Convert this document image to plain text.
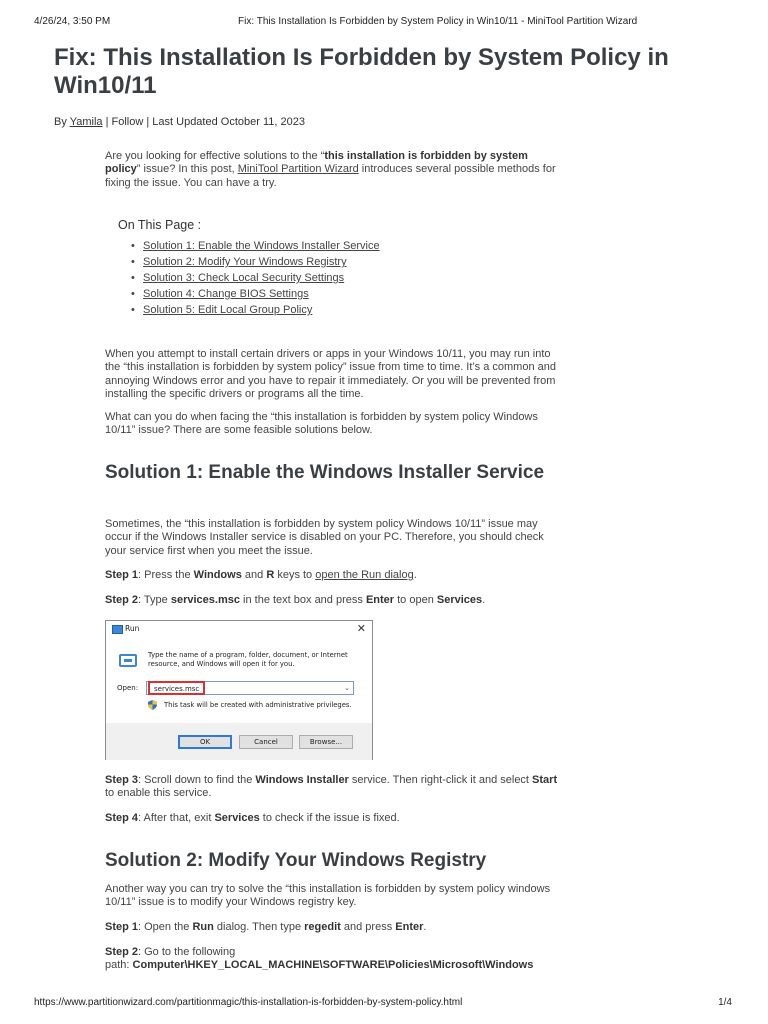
4/26/24, 3:50 PM	Fix: This Installation Is Forbidden by System Policy in Win10/11 - MiniTool Partition Wizard
Fix: This Installation Is Forbidden by System Policy in Win10/11
By Yamila | Follow | Last Updated October 11, 2023

Are you looking for effective solutions to the “this installation is forbidden by system policy” issue? In this post, MiniTool Partition Wizard introduces several possible methods for fixing the issue. You can have a try.

On This Page :
• Solution 1: Enable the Windows Installer Service
• Solution 2: Modify Your Windows Registry
• Solution 3: Check Local Security Settings
• Solution 4: Change BIOS Settings
• Solution 5: Edit Local Group Policy

When you attempt to install certain drivers or apps in your Windows 10/11, you may run into the “this installation is forbidden by system policy” issue from time to time. It’s a common and annoying Windows error and you have to repair it immediately. Or you will be prevented from installing the specific drivers or programs all the time.

What can you do when facing the “this installation is forbidden by system policy Windows 10/11” issue? There are some feasible solutions below.

Solution 1: Enable the Windows Installer Service

Sometimes, the “this installation is forbidden by system policy Windows 10/11” issue may occur if the Windows Installer service is disabled on your PC. Therefore, you should check your service first when you meet the issue.

Step 1: Press the Windows and R keys to open the Run dialog.

Step 2: Type services.msc in the text box and press Enter to open Services.

Run	✕
Type the name of a program, folder, document, or Internet resource, and Windows will open it for you.
Open:	services.msc	⌄
This task will be created with administrative privileges.
OK	Cancel	Browse...

Step 3: Scroll down to find the Windows Installer service. Then right-click it and select Start to enable this service.

Step 4: After that, exit Services to check if the issue is fixed.

Solution 2: Modify Your Windows Registry

Another way you can try to solve the “this installation is forbidden by system policy windows 10/11” issue is to modify your Windows registry key.

Step 1: Open the Run dialog. Then type regedit and press Enter.

Step 2: Go to the following
path: Computer\HKEY_LOCAL_MACHINE\SOFTWARE\Policies\Microsoft\Windows

https://www.partitionwizard.com/partitionmagic/this-installation-is-forbidden-by-system-policy.html	1/4
